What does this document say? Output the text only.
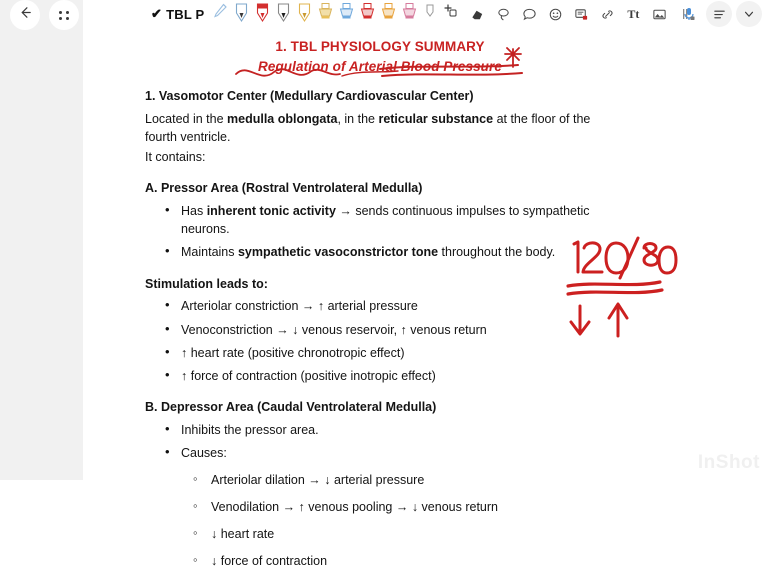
✔ TBL P	Tt
1. TBL PHYSIOLOGY SUMMARY
Regulation of Arterial Blood Pressure
1. Vasomotor Center (Medullary Cardiovascular Center)
Located in the medulla oblongata, in the reticular substance at the floor of the fourth ventricle.
It contains:
A. Pressor Area (Rostral Ventrolateral Medulla)
• Has inherent tonic activity → sends continuous impulses to sympathetic neurons.
• Maintains sympathetic vasoconstrictor tone throughout the body.
Stimulation leads to:
• Arteriolar constriction → ↑ arterial pressure
• Venoconstriction → ↓ venous reservoir, ↑ venous return
• ↑ heart rate (positive chronotropic effect)
• ↑ force of contraction (positive inotropic effect)
B. Depressor Area (Caudal Ventrolateral Medulla)
• Inhibits the pressor area.
• Causes:
◦ Arteriolar dilation → ↓ arterial pressure
◦ Venodilation → ↑ venous pooling → ↓ venous return
◦ ↓ heart rate
◦ ↓ force of contraction
InShot
